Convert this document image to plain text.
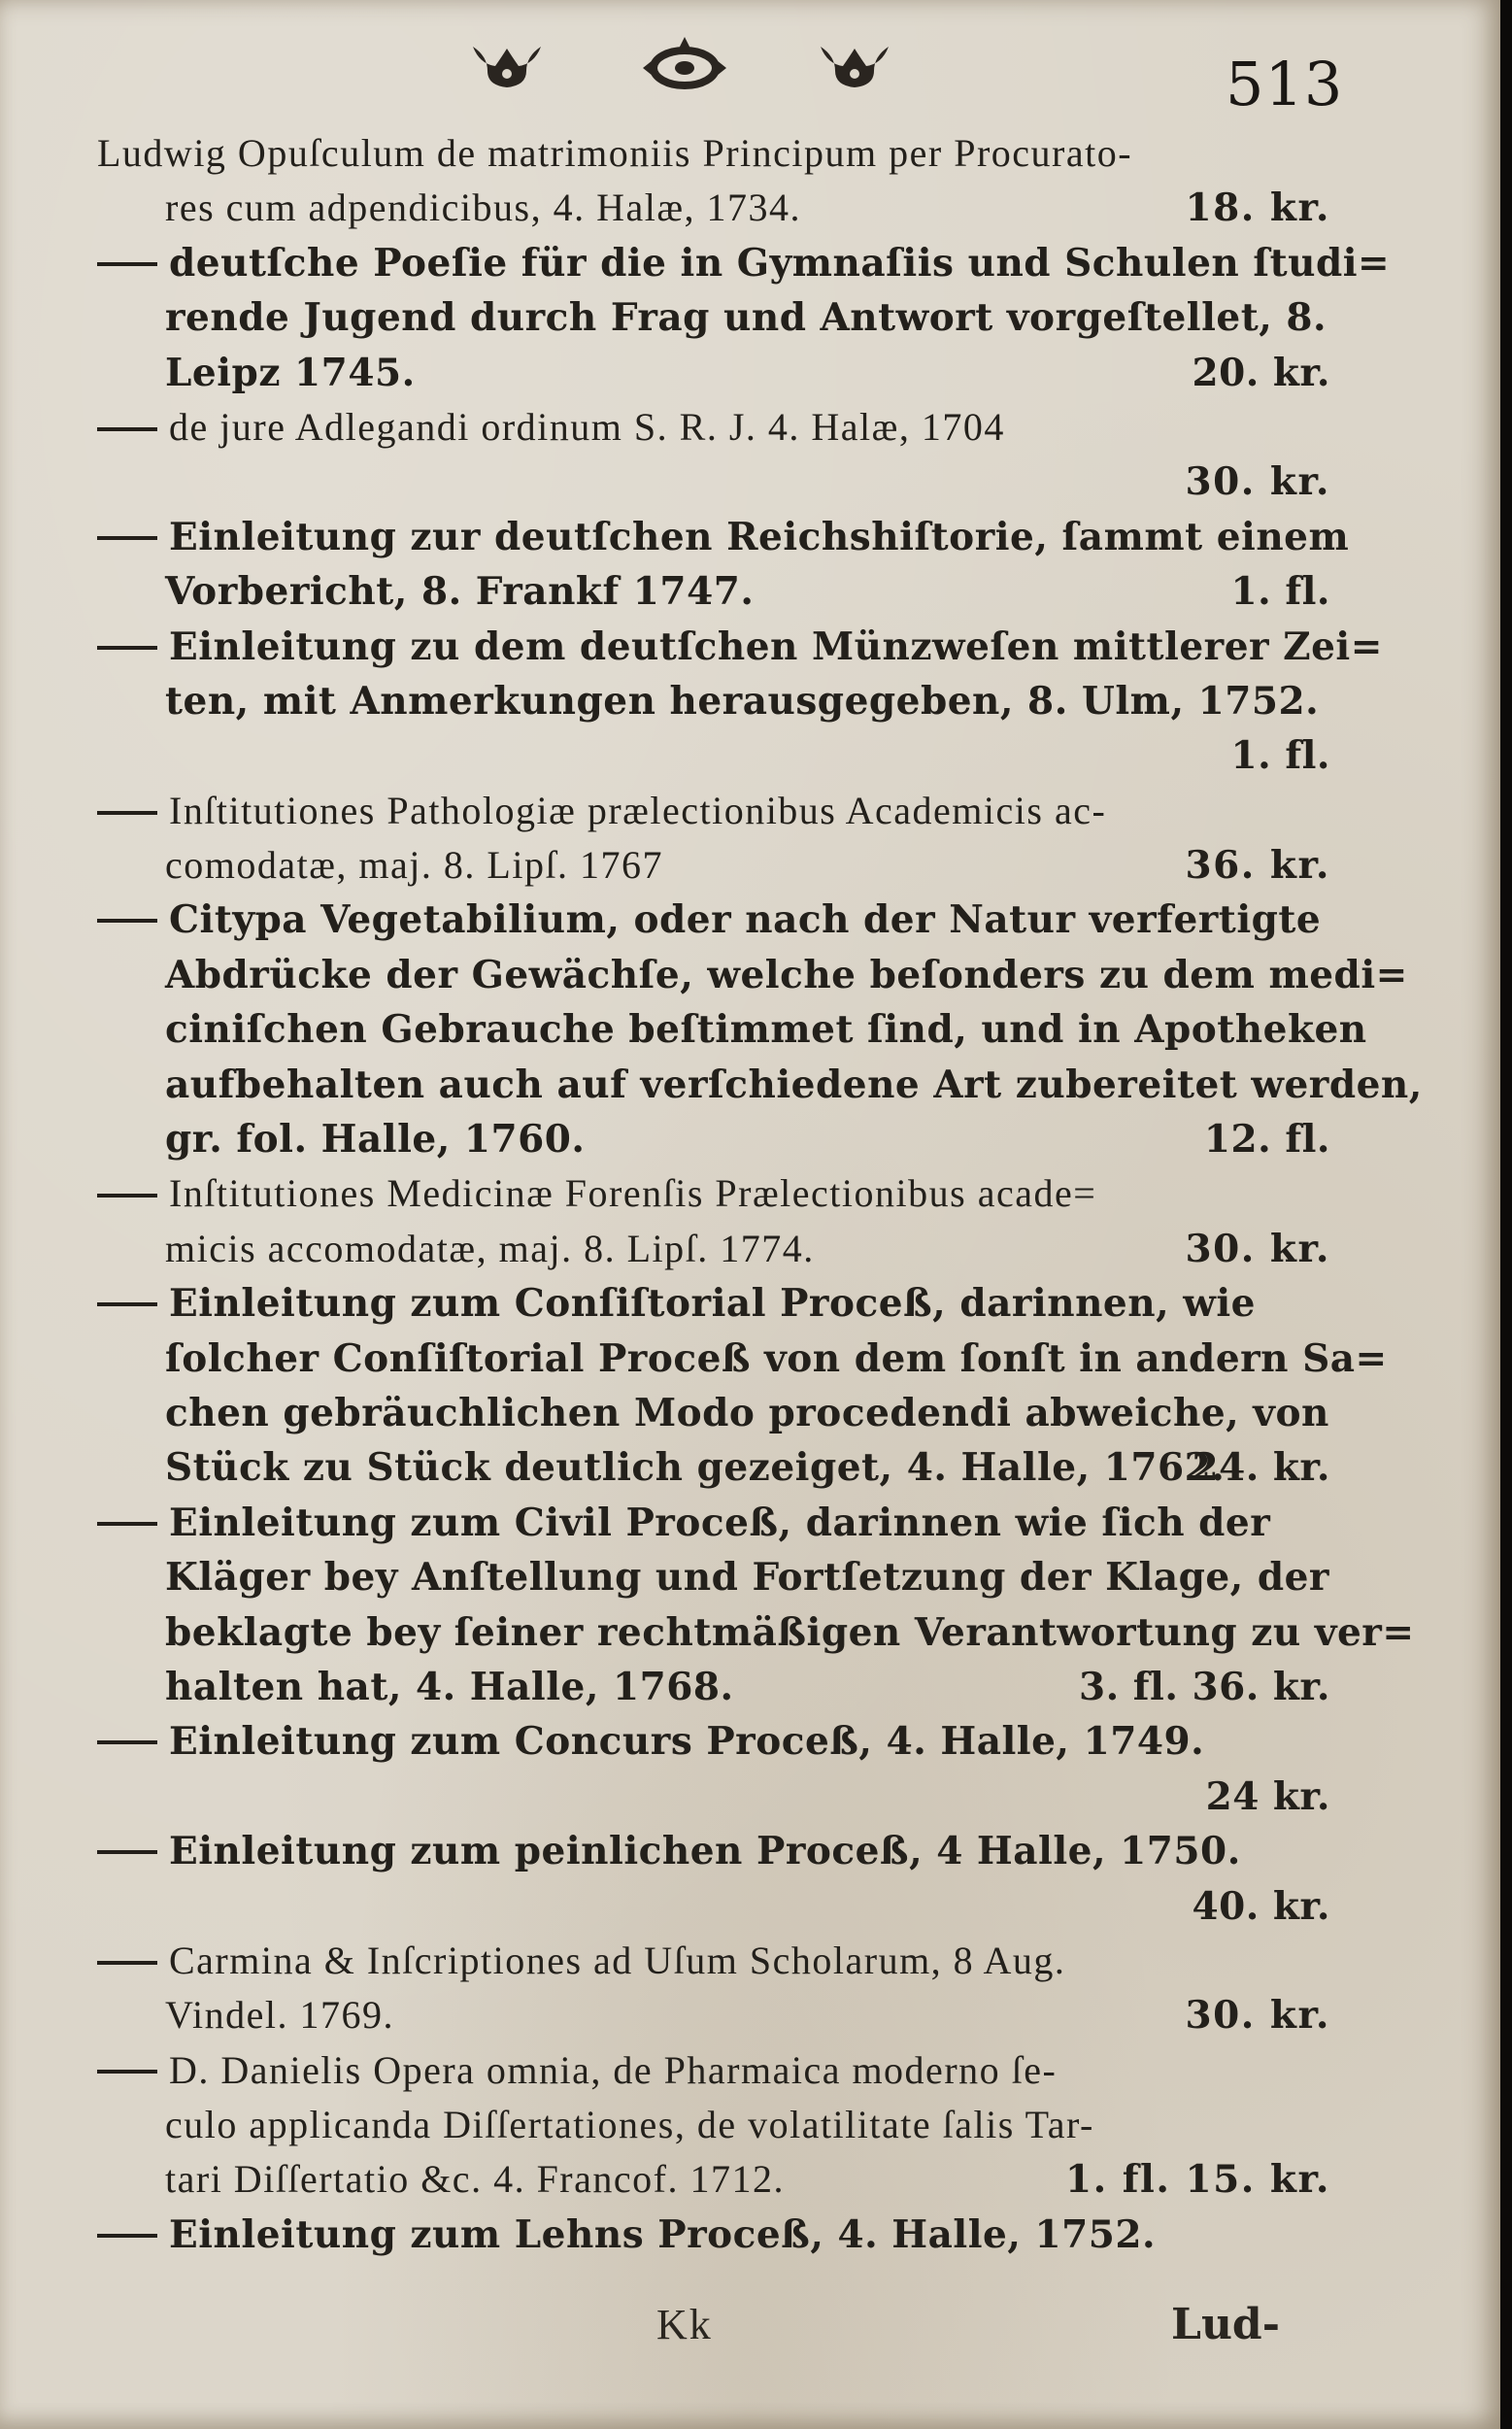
513
Ludwig Opuſculum de matrimoniis Principum per Procurato-
res cum adpendicibus, 4. Halæ, 1734.	18. kr.
deutſche Poeſie für die in Gymnaſiis und Schulen ſtudi=
rende Jugend durch Frag und Antwort vorgeſtellet, 8.
Leipz 1745.	20. kr.
de jure Adlegandi ordinum S. R. J. 4. Halæ, 1704
30. kr.
Einleitung zur deutſchen Reichshiſtorie, ſammt einem
Vorbericht, 8. Frankf 1747.	1. fl.
Einleitung zu dem deutſchen Münzweſen mittlerer Zei=
ten, mit Anmerkungen herausgegeben, 8. Ulm, 1752.
1. fl.
Inſtitutiones Pathologiæ prælectionibus Academicis ac-
comodatæ, maj. 8. Lipſ. 1767	36. kr.
Citypa Vegetabilium, oder nach der Natur verfertigte
Abdrücke der Gewächſe, welche beſonders zu dem medi=
ciniſchen Gebrauche beſtimmet ſind, und in Apotheken
aufbehalten auch auf verſchiedene Art zubereitet werden,
gr. fol. Halle, 1760.	12. fl.
Inſtitutiones Medicinæ Forenſis Prælectionibus acade=
micis accomodatæ, maj. 8. Lipſ. 1774.	30. kr.
Einleitung zum Conſiſtorial Proceß, darinnen, wie
ſolcher Conſiſtorial Proceß von dem ſonſt in andern Sa=
chen gebräuchlichen Modo procedendi abweiche, von
Stück zu Stück deutlich gezeiget, 4. Halle, 1762.
24. kr.
Einleitung zum Civil Proceß, darinnen wie ſich der
Kläger bey Anſtellung und Fortſetzung der Klage, der
beklagte bey ſeiner rechtmäßigen Verantwortung zu ver=
halten hat, 4. Halle, 1768.	3. fl. 36. kr.
Einleitung zum Concurs Proceß, 4. Halle, 1749.
24 kr.
Einleitung zum peinlichen Proceß, 4 Halle, 1750.
40. kr.
Carmina & Inſcriptiones ad Uſum Scholarum, 8 Aug.
Vindel. 1769.	30. kr.
D. Danielis Opera omnia, de Pharmaica moderno ſe-
culo applicanda Diſſertationes, de volatilitate ſalis Tar-
tari Diſſertatio &c. 4. Francof. 1712.	1. fl. 15. kr.
Einleitung zum Lehns Proceß, 4. Halle, 1752.
Kk	Lud-
